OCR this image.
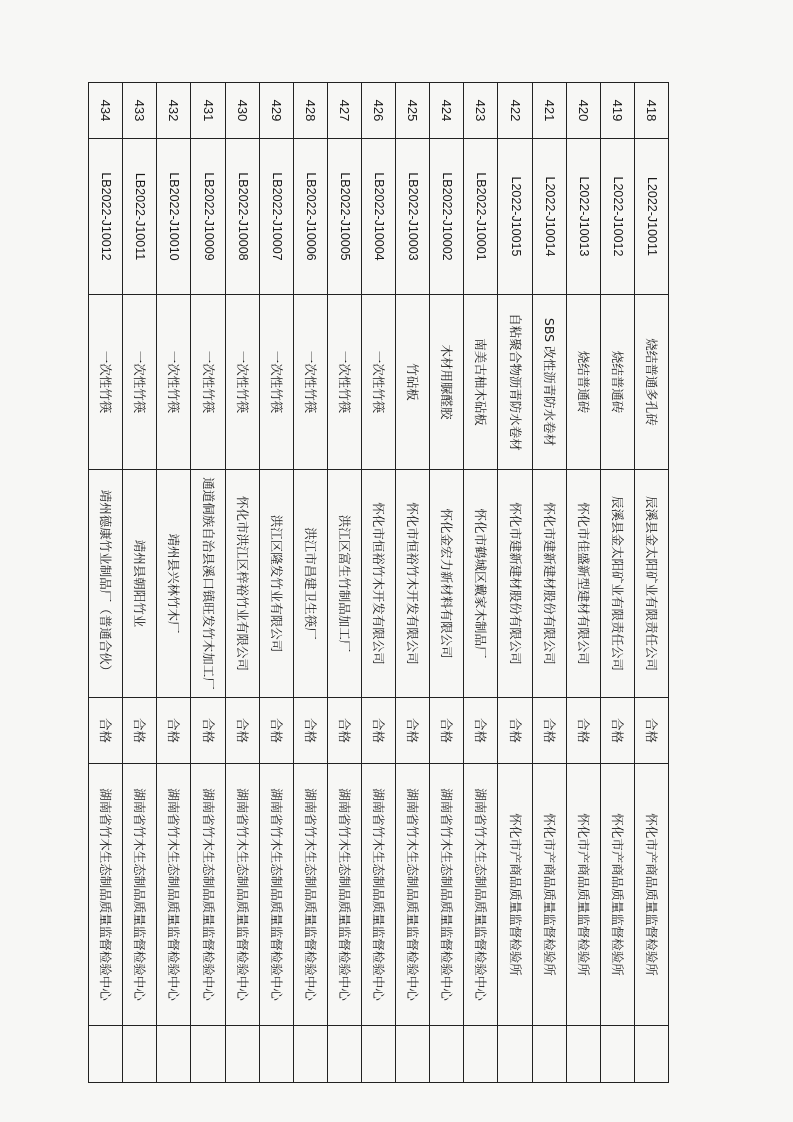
418	L2022-J10011	烧结普通多孔砖	辰溪县金太阳矿业有限责任公司	合格	怀化市产商品质量监督检验所	
419	L2022-J10012	烧结普通砖	辰溪县金太阳矿业有限责任公司	合格	怀化市产商品质量监督检验所	
420	L2022-J10013	烧结普通砖	怀化市佳盛新型建材有限公司	合格	怀化市产商品质量监督检验所	
421	L2022-J10014	SBS 改性沥青防水卷材	怀化市建新建材股份有限公司	合格	怀化市产商品质量监督检验所	
422	L2022-J10015	自粘聚合物沥青防水卷材	怀化市建新建材股份有限公司	合格	怀化市产商品质量监督检验所	
423	LB2022-J10001	南美古柚木砧板	怀化市鹤城区戴家木制品厂	合格	湖南省竹木生态制品质量监督检验中心	
424	LB2022-J10002	木材用脲醛胶	怀化金宏力新材料有限公司	合格	湖南省竹木生态制品质量监督检验中心	
425	LB2022-J10003	竹砧板	怀化市恒裕竹木开发有限公司	合格	湖南省竹木生态制品质量监督检验中心	
426	LB2022-J10004	一次性竹筷	怀化市恒裕竹木开发有限公司	合格	湖南省竹木生态制品质量监督检验中心	
427	LB2022-J10005	一次性竹筷	洪江区富生竹制品加工厂	合格	湖南省竹木生态制品质量监督检验中心	
428	LB2022-J10006	一次性竹筷	洪江市昌建卫生筷厂	合格	湖南省竹木生态制品质量监督检验中心	
429	LB2022-J10007	一次性竹筷	洪江区隆发竹业有限公司	合格	湖南省竹木生态制品质量监督检验中心	
430	LB2022-J10008	一次性竹筷	怀化市洪江区梓裕竹业有限公司	合格	湖南省竹木生态制品质量监督检验中心	
431	LB2022-J10009	一次性竹筷	通道侗族自治县溪口镇旺发竹木加工厂	合格	湖南省竹木生态制品质量监督检验中心	
432	LB2022-J10010	一次性竹筷	靖州县兴林竹木厂	合格	湖南省竹木生态制品质量监督检验中心	
433	LB2022-J10011	一次性竹筷	靖州县朝阳竹业	合格	湖南省竹木生态制品质量监督检验中心	
434	LB2022-J10012	一次性竹筷	靖州德康竹业制品厂（普通合伙）	合格	湖南省竹木生态制品质量监督检验中心	
